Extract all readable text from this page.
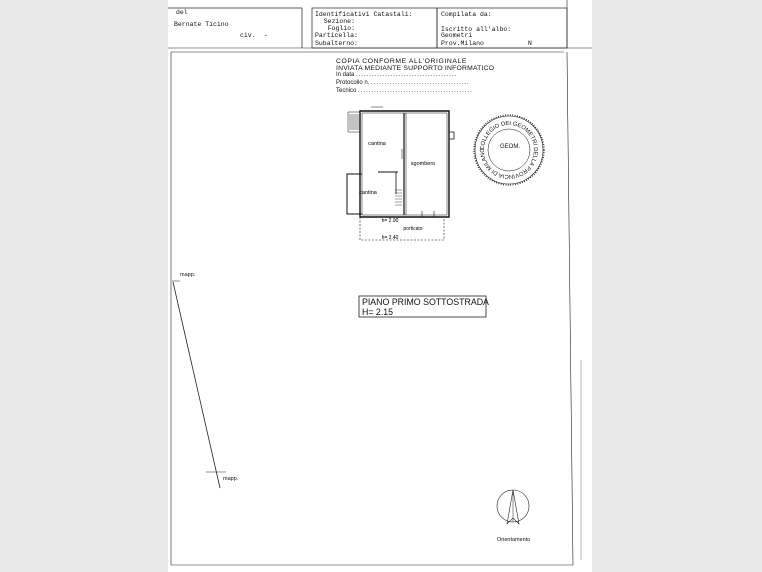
del
Bernate Ticino
civ. -
Identificativi Catastali:
Sezione:
Foglio:
Particella:
Subalterno:
Compilata da:
Iscritto all'albo:
Geometri
Prov.Milano	N
COPIA CONFORME ALL'ORIGINALE
INVIATA MEDIANTE SUPPORTO INFORMATICO
In data ......................................
Protocollo n. .....................................
Tecnico ...........................................
COLLEGIO DEI GEOMETRI DELLA PROVINCIA DI MILANO
GEOM.
cantina
sgombero
cantina
h= 2.90
porticato
h= 2.40
PIANO PRIMO SOTTOSTRADA
H= 2.15
mapp.
mapp.
Orientamento
